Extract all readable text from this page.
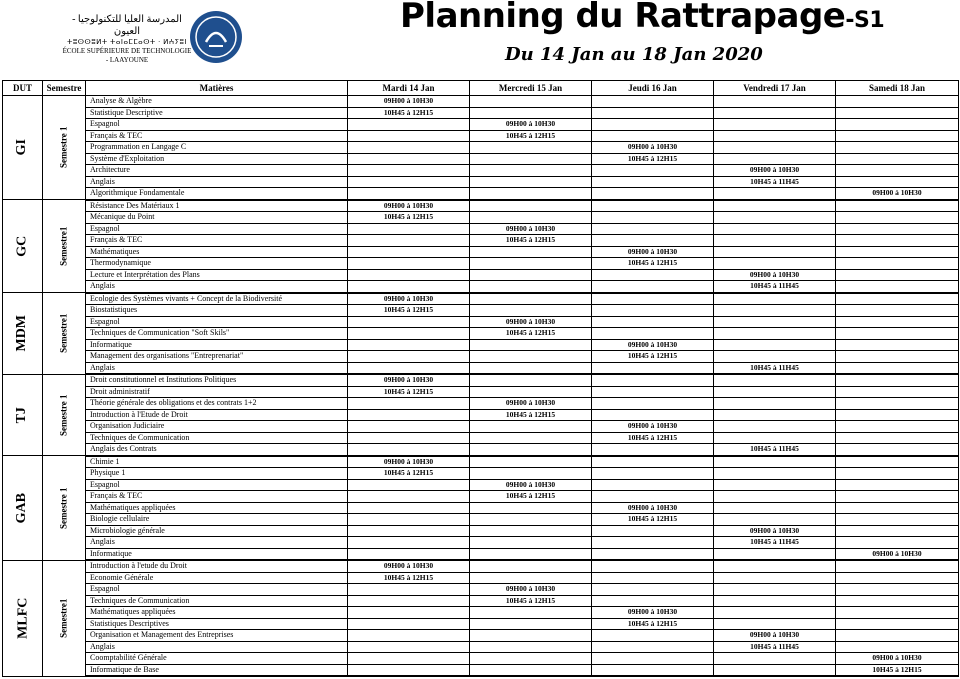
المدرسة العليا للتكنولوجيا - العيون
ⵜⵓⵙⵙⵓⵍⵜ ⵜⴰⵏⴰⵎⵎⴰⵙⵜ · ⵍⵄⵢⵓⵏ
ÉCOLE SUPÉRIEURE DE TECHNOLOGIE - LAAYOUNE
Planning du Rattrapage-S1
Du 14 Jan au 18 Jan 2020
DUT	Semestre	Matières	Mardi 14 Jan	Mercredi 15 Jan	Jeudi 16 Jan	Vendredi 17 Jan	Samedi 18 Jan
GI	Semestre 1	Analyse & Algèbre	09H00 à 10H30				
		Statistique Descriptive	10H45 à 12H15				
		Espagnol		09H00 à 10H30			
		Français & TEC		10H45 à 12H15			
		Programmation en Langage C			09H00 à 10H30		
		Système d'Exploitation			10H45 à 12H15		
		Architecture				09H00 à 10H30	
		Anglais				10H45 à 11H45	
		Algorithmique Fondamentale					09H00 à 10H30
GC	Semestre1	Résistance Des Matériaux 1	09H00 à 10H30				
		Mécanique du Point	10H45 à 12H15				
		Espagnol		09H00 à 10H30			
		Français & TEC		10H45 à 12H15			
		Mathématiques			09H00 à 10H30		
		Thermodynamique			10H45 à 12H15		
		Lecture et Interprétation des Plans				09H00 à 10H30	
		Anglais				10H45 à 11H45	
MDM	Semestre1	Ecologie des Systèmes vivants + Concept de la Biodiversité	09H00 à 10H30				
		Biostatistiques	10H45 à 12H15				
		Espagnol		09H00 à 10H30			
		Techniques de Communication "Soft Skils"		10H45 à 12H15			
		Informatique			09H00 à 10H30		
		Management des organisations "Entreprenariat"			10H45 à 12H15		
		Anglais				10H45 à 11H45	
TJ	Semestre 1	Droit constitutionnel et Institutions Politiques	09H00 à 10H30				
		Droit administratif	10H45 à 12H15				
		Théorie générale des obligations et des contrats 1+2		09H00 à 10H30			
		Introduction à l'Etude de Droit		10H45 à 12H15			
		Organisation Judiciaire			09H00 à 10H30		
		Techniques de Communication			10H45 à 12H15		
		Anglais des Contrats				10H45 à 11H45	
GAB	Semestre 1	Chimie 1	09H00 à 10H30				
		Physique 1	10H45 à 12H15				
		Espagnol		09H00 à 10H30			
		Français & TEC		10H45 à 12H15			
		Mathématiques appliquées			09H00 à 10H30		
		Biologie cellulaire			10H45 à 12H15		
		Microbiologie générale				09H00 à 10H30	
		Anglais				10H45 à 11H45	
		Informatique					09H00 à 10H30
MLFC	Semestre1	Introduction à l'etude du Droit	09H00 à 10H30				
		Economie Générale	10H45 à 12H15				
		Espagnol		09H00 à 10H30			
		Techniques de Communication		10H45 à 12H15			
		Mathématiques appliquées			09H00 à 10H30		
		Statistiques Descriptives			10H45 à 12H15		
		Organisation et Management des Entreprises				09H00 à 10H30	
		Anglais				10H45 à 11H45	
		Coomptabilité Générale					09H00 à 10H30
		Informatique de Base					10H45 à 12H15
